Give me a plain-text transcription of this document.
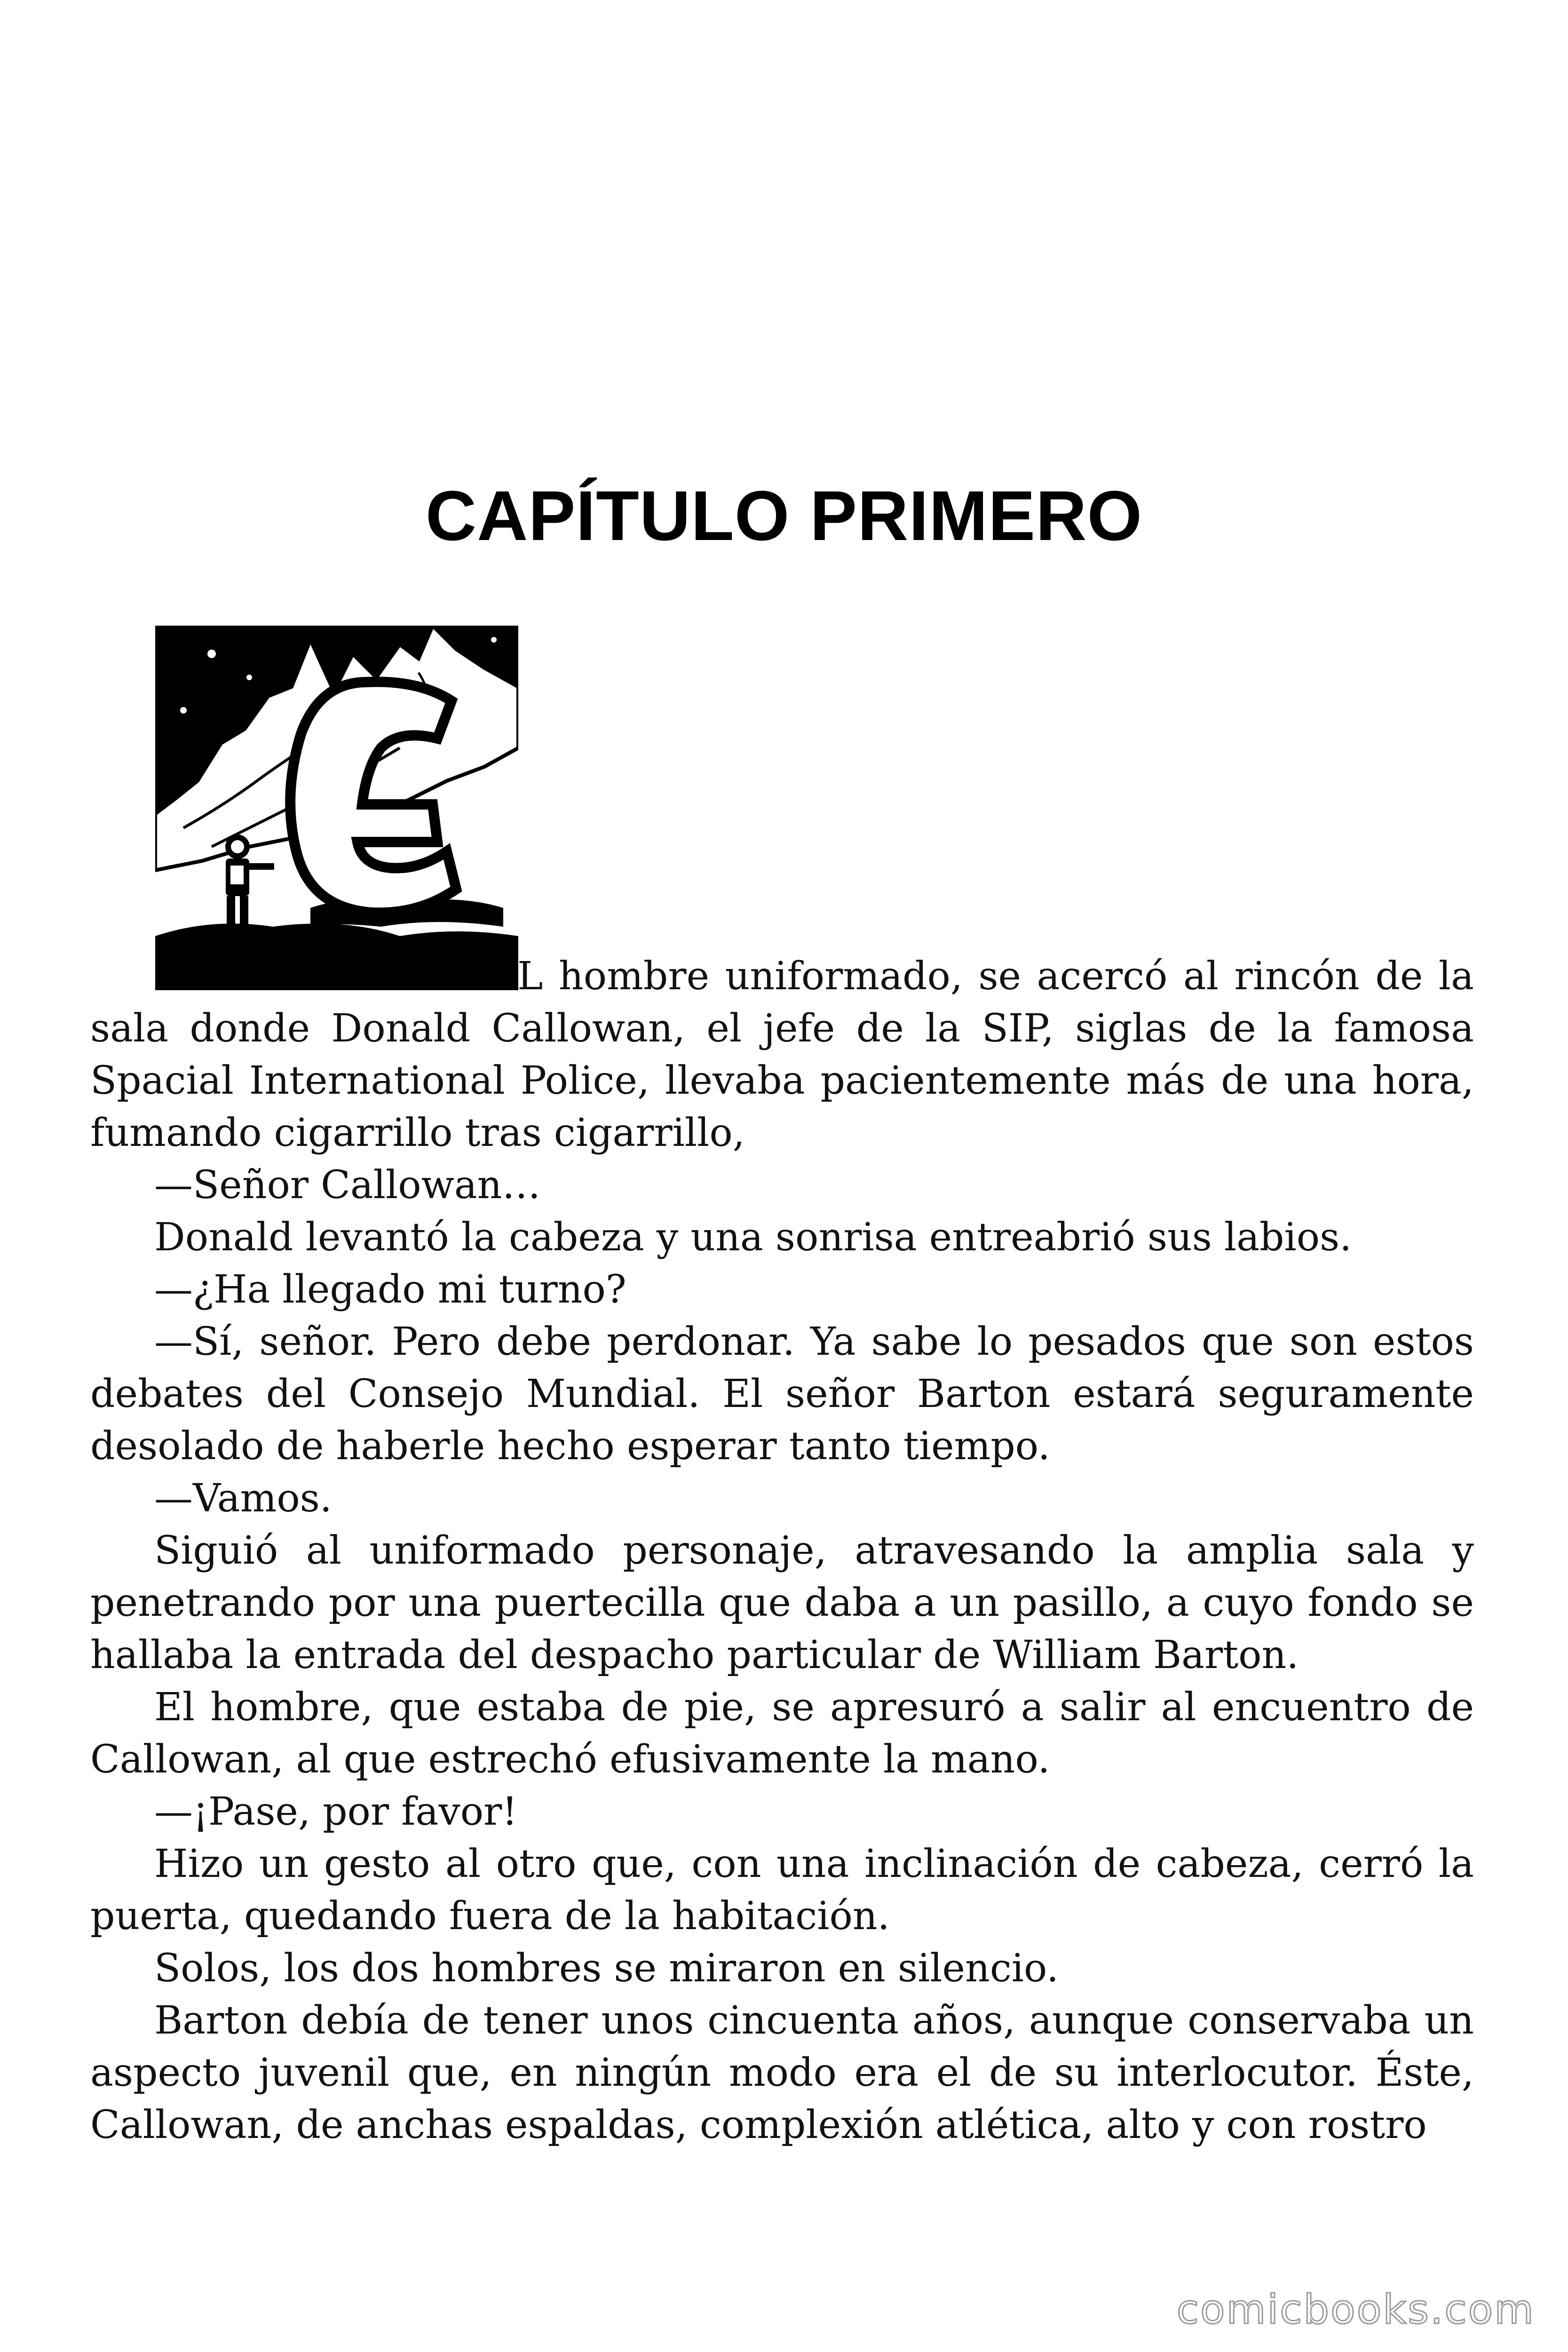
CAPÍTULO PRIMERO
L hombre uniformado, se acercó al rincón de la

sala donde Donald Callowan, el jefe de la SIP, siglas de la famosa Spacial International Police, llevaba pacientemente más de una hora, fumando cigarrillo tras cigarrillo,

—Señor Callowan…

Donald levantó la cabeza y una sonrisa entreabrió sus labios.

—¿Ha llegado mi turno?

—Sí, señor. Pero debe perdonar. Ya sabe lo pesados que son estos debates del Consejo Mundial. El señor Barton estará seguramente desolado de haberle hecho esperar tanto tiempo.

—Vamos.

Siguió al uniformado personaje, atravesando la amplia sala y penetrando por una puertecilla que daba a un pasillo, a cuyo fondo se hallaba la entrada del despacho particular de William Barton.

El hombre, que estaba de pie, se apresuró a salir al encuentro de Callowan, al que estrechó efusivamente la mano.

—¡Pase, por favor!

Hizo un gesto al otro que, con una inclinación de cabeza, cerró la puerta, quedando fuera de la habitación.

Solos, los dos hombres se miraron en silencio.

Barton debía de tener unos cincuenta años, aunque conservaba un aspecto juvenil que, en ningún modo era el de su interlocutor. Éste, Callowan, de anchas espaldas, complexión atlética, alto y con rostro

comicbooks.com
